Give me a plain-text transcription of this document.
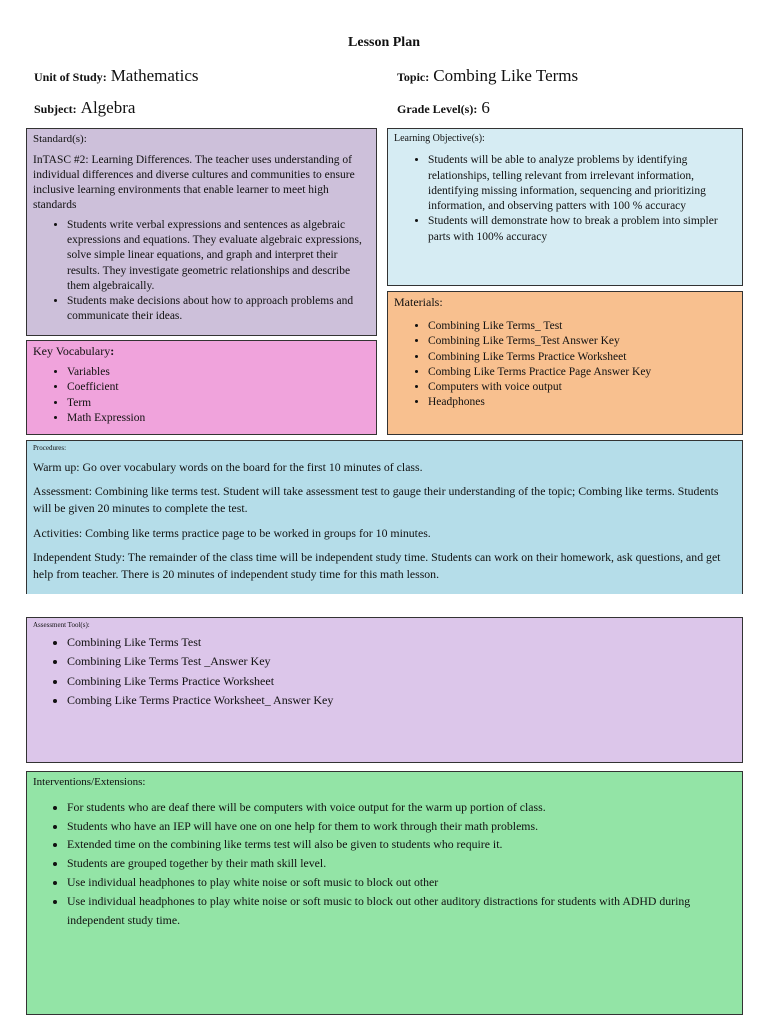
Lesson Plan
Unit of Study: Mathematics	Topic: Combing Like Terms
Subject: Algebra	Grade Level(s): 6
Standard(s):

InTASC #2: Learning Differences. The teacher uses understanding of individual differences and diverse cultures and communities to ensure inclusive learning environments that enable learner to meet high standards

• Students write verbal expressions and sentences as algebraic expressions and equations. They evaluate algebraic expressions, solve simple linear equations, and graph and interpret their results. They investigate geometric relationships and describe them algebraically.
• Students make decisions about how to approach problems and communicate their ideas.
Learning Objective(s):
• Students will be able to analyze problems by identifying relationships, telling relevant from irrelevant information, identifying missing information, sequencing and prioritizing information, and observing patters with 100 % accuracy
• Students will demonstrate how to break a problem into simpler parts with 100% accuracy
Key Vocabulary:
• Variables
• Coefficient
• Term
• Math Expression
Materials:
• Combining Like Terms_ Test
• Combining Like Terms_Test Answer Key
• Combining Like Terms Practice Worksheet
• Combing Like Terms Practice Page Answer Key
• Computers with voice output
• Headphones
Procedures:

Warm up: Go over vocabulary words on the board for the first 10 minutes of class.

Assessment: Combining like terms test. Student will take assessment test to gauge their understanding of the topic; Combing like terms. Students will be given 20 minutes to complete the test.

Activities: Combing like terms practice page to be worked in groups for 10 minutes.

Independent Study: The remainder of the class time will be independent study time. Students can work on their homework, ask questions, and get help from teacher. There is 20 minutes of independent study time for this math lesson.

Assessment Tool(s):
• Combining Like Terms Test
• Combining Like Terms Test _Answer Key
• Combining Like Terms Practice Worksheet
• Combing Like Terms Practice Worksheet_ Answer Key
Interventions/Extensions:
• For students who are deaf there will be computers with voice output for the warm up portion of class.
• Students who have an IEP will have one on one help for them to work through their math problems.
• Extended time on the combining like terms test will also be given to students who require it.
• Students are grouped together by their math skill level.
• Use individual headphones to play white noise or soft music to block out other
• Use individual headphones to play white noise or soft music to block out other auditory distractions for students with ADHD during independent study time.
